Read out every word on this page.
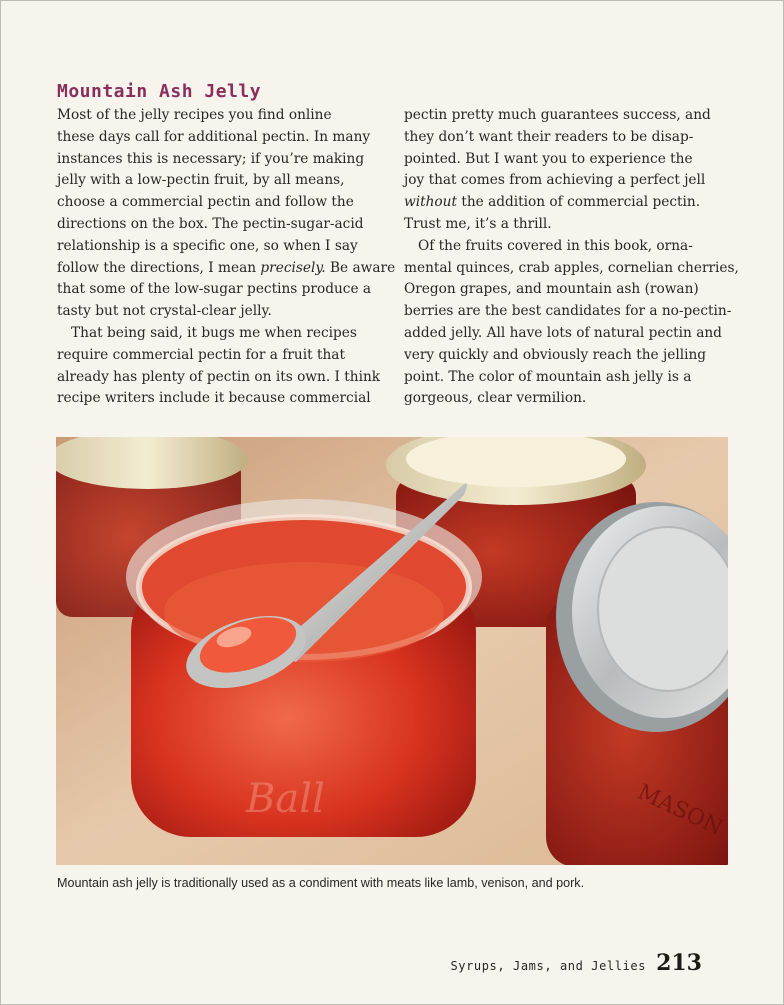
Mountain Ash Jelly
Most of the jelly recipes you find online
these days call for additional pectin. In many
instances this is necessary; if you’re making
jelly with a low-pectin fruit, by all means,
choose a commercial pectin and follow the
directions on the box. The pectin-sugar-acid
relationship is a specific one, so when I say
follow the directions, I mean precisely. Be aware
that some of the low-sugar pectins produce a
tasty but not crystal-clear jelly.
That being said, it bugs me when recipes
require commercial pectin for a fruit that
already has plenty of pectin on its own. I think
recipe writers include it because commercial
pectin pretty much guarantees success, and
they don’t want their readers to be disap-
pointed. But I want you to experience the
joy that comes from achieving a perfect jell
without the addition of commercial pectin.
Trust me, it’s a thrill.
Of the fruits covered in this book, orna-
mental quinces, crab apples, cornelian cherries,
Oregon grapes, and mountain ash (rowan)
berries are the best candidates for a no-pectin-
added jelly. All have lots of natural pectin and
very quickly and obviously reach the jelling
point. The color of mountain ash jelly is a
gorgeous, clear vermilion.
MASON
Ball

Mountain ash jelly is traditionally used as a condiment with meats like lamb, venison, and pork.

Syrups, Jams, and Jellies 213
